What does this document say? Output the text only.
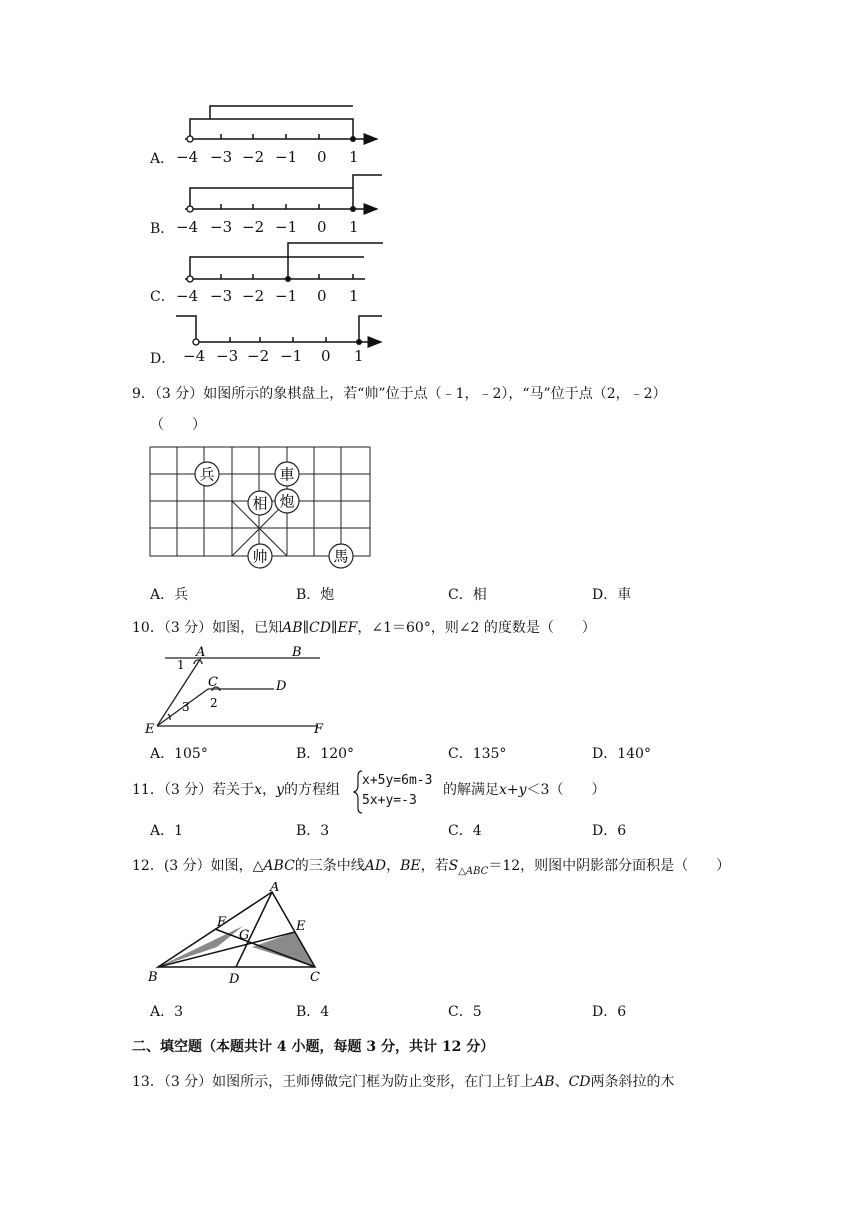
A． −4 −3 −2 −1 0 1
B． −4 −3 −2 −1 0 1
C． −4 −3 −2 −1 0 1
D． −4 −3 −2 −1 0 1
9．（3 分）如图所示的象棋盘上，若“帅”位于点（﹣1，﹣2），“马”位于点（2，﹣2）
（　　）
兵	車
相 炮
帅	馬
A．兵	B．炮	C．相	D．車
10．（3 分）如图，已知AB∥CD∥EF，∠1＝60°，则∠2 的度数是（　　）
A	B
C	D
E	F
1
2
3
A．105°	B．120°	C．135°	D．140°
11．（3 分）若关于x，y的方程组
x+5y=6m-3
5x+y=-3
的解满足x+y＜3（　　）
A．1	B．3	C．4	D．6
12．(3 分）如图，△ABC的三条中线AD，BE，若$S_{\triangle ABC}=12$，则图中阴影部分面积是（　　）
A
B	C
D
E
F
G
A．3	B．4	C．5	D．6
二、填空题（本题共计 4 小题，每题 3 分，共计 12 分）
13．（3 分）如图所示，王师傅做完门框为防止变形，在门上钉上AB、CD两条斜拉的木
